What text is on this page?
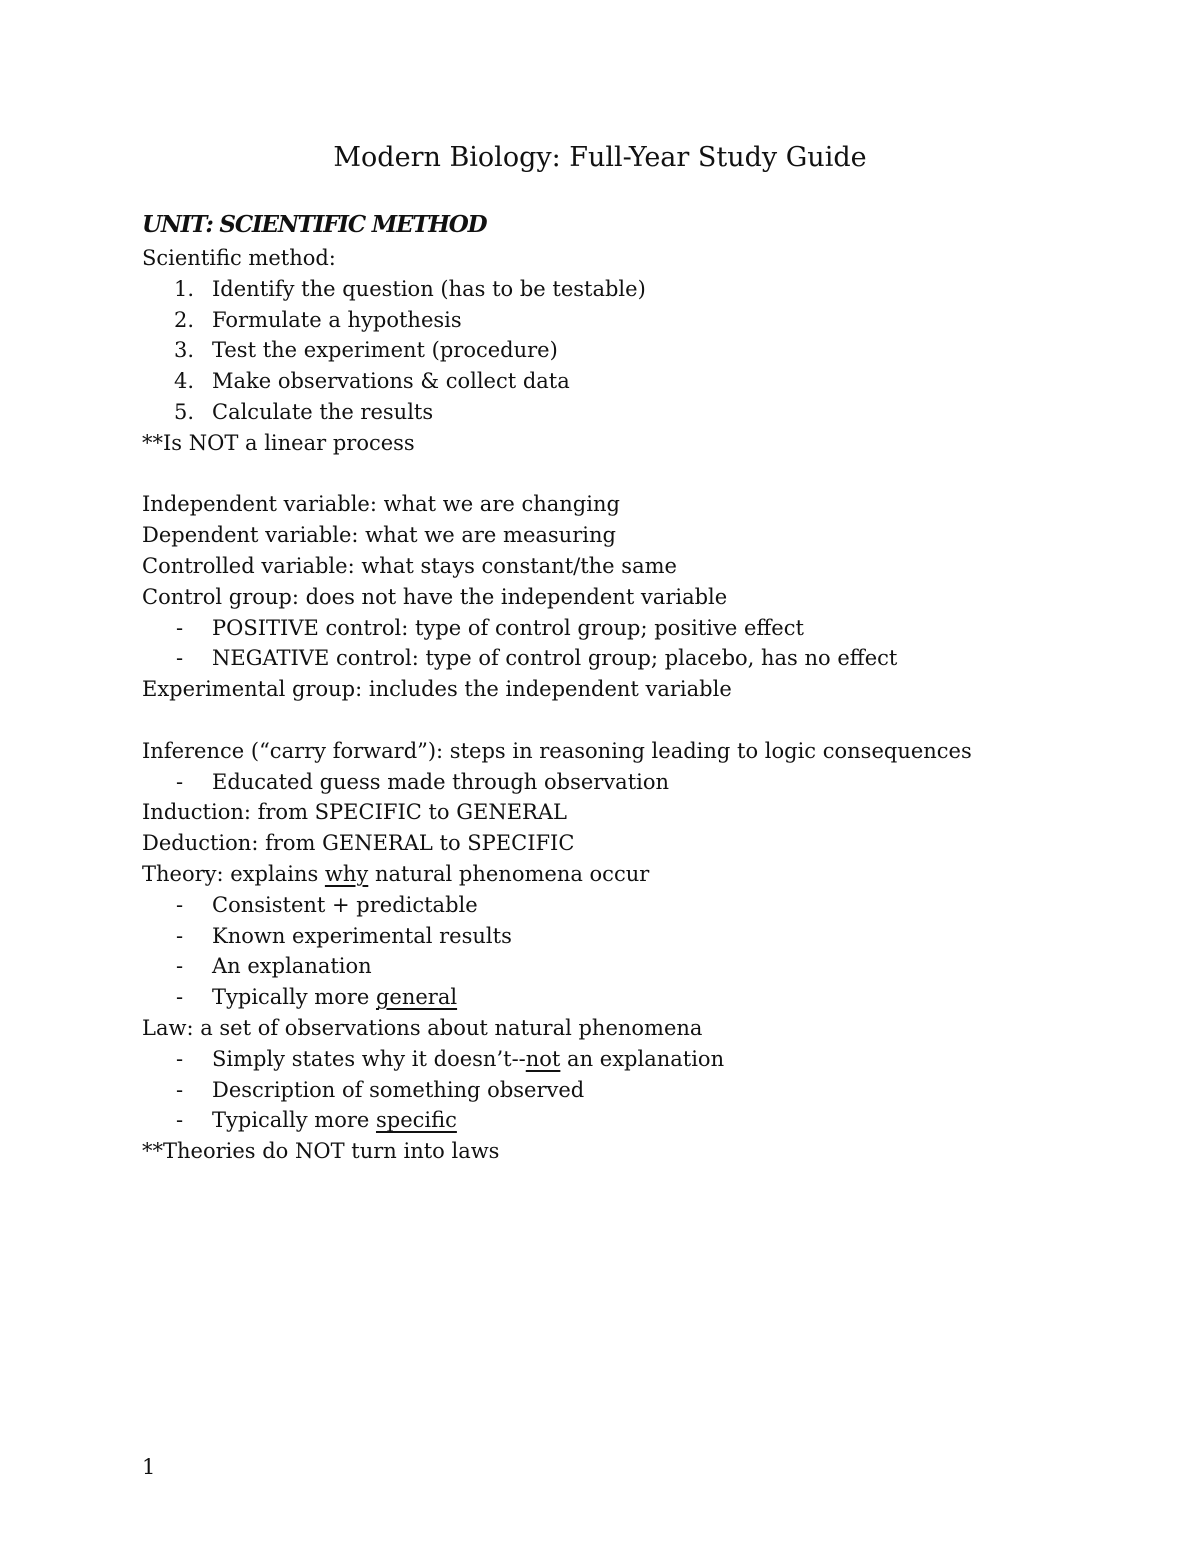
Modern Biology: Full-Year Study Guide
UNIT: SCIENTIFIC METHOD
Scientific method:
1. Identify the question (has to be testable)
2. Formulate a hypothesis
3. Test the experiment (procedure)
4. Make observations & collect data
5. Calculate the results
**Is NOT a linear process
Independent variable: what we are changing
Dependent variable: what we are measuring
Controlled variable: what stays constant/the same
Control group: does not have the independent variable
- POSITIVE control: type of control group; positive effect
- NEGATIVE control: type of control group; placebo, has no effect
Experimental group: includes the independent variable
Inference (“carry forward”): steps in reasoning leading to logic consequences
- Educated guess made through observation
Induction: from SPECIFIC to GENERAL
Deduction: from GENERAL to SPECIFIC
Theory: explains why natural phenomena occur
- Consistent + predictable
- Known experimental results
- An explanation
- Typically more general
Law: a set of observations about natural phenomena
- Simply states why it doesn’t--not an explanation
- Description of something observed
- Typically more specific
**Theories do NOT turn into laws
1
